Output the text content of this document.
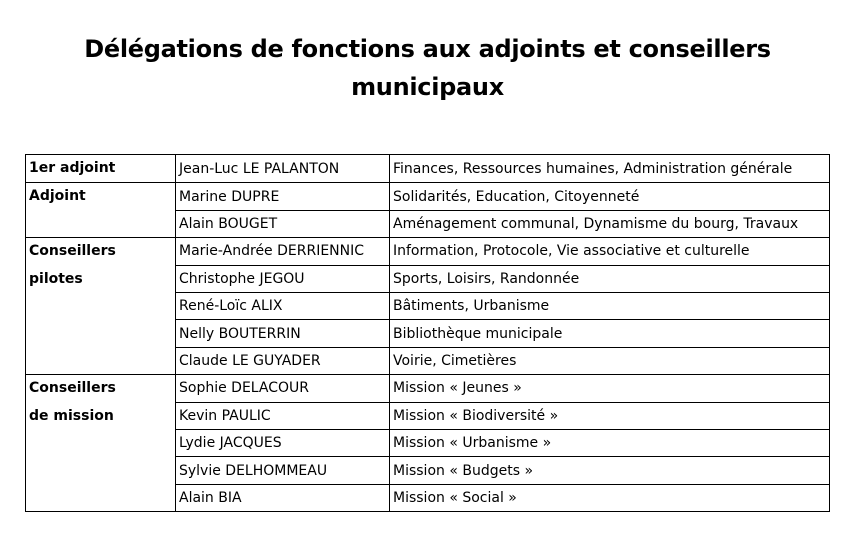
Délégations de fonctions aux adjoints et conseillers
municipaux
1er adjoint	Jean-Luc LE PALANTON	Finances, Ressources humaines, Administration générale

Adjoint	Marine DUPRE	Solidarités, Education, Citoyenneté
	Alain BOUGET	Aménagement communal, Dynamisme du bourg, Travaux

Conseillers
pilotes	Marie-Andrée DERRIENNIC	Information, Protocole, Vie associative et culturelle
	Christophe JEGOU	Sports, Loisirs, Randonnée
	René-Loïc ALIX	Bâtiments, Urbanisme
	Nelly BOUTERRIN	Bibliothèque municipale
	Claude LE GUYADER	Voirie, Cimetières

Conseillers
de mission	Sophie DELACOUR	Mission « Jeunes »
	Kevin PAULIC	Mission « Biodiversité »
	Lydie JACQUES	Mission « Urbanisme »
	Sylvie DELHOMMEAU	Mission « Budgets »
	Alain BIA	Mission « Social »
